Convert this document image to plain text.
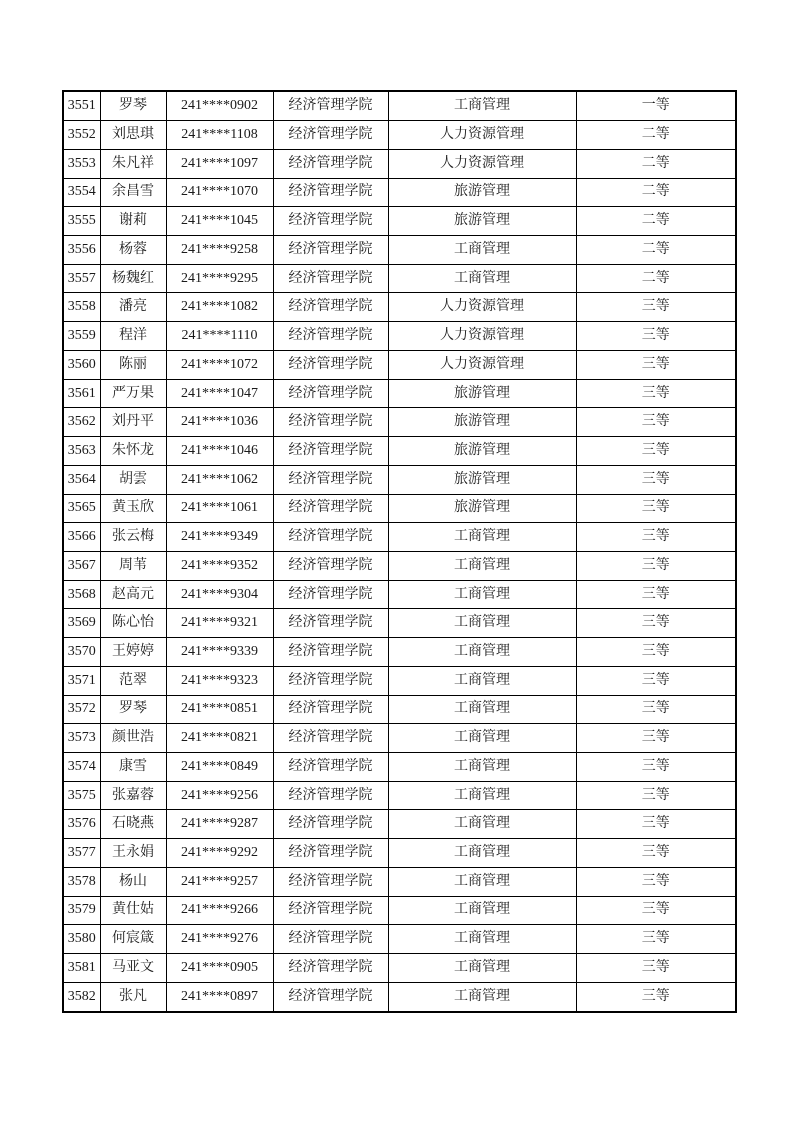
3551	罗琴	241****0902	经济管理学院	工商管理	一等
3552	刘思琪	241****1108	经济管理学院	人力资源管理	二等
3553	朱凡祥	241****1097	经济管理学院	人力资源管理	二等
3554	余昌雪	241****1070	经济管理学院	旅游管理	二等
3555	谢莉	241****1045	经济管理学院	旅游管理	二等
3556	杨蓉	241****9258	经济管理学院	工商管理	二等
3557	杨魏红	241****9295	经济管理学院	工商管理	二等
3558	潘亮	241****1082	经济管理学院	人力资源管理	三等
3559	程洋	241****1110	经济管理学院	人力资源管理	三等
3560	陈丽	241****1072	经济管理学院	人力资源管理	三等
3561	严万果	241****1047	经济管理学院	旅游管理	三等
3562	刘丹平	241****1036	经济管理学院	旅游管理	三等
3563	朱怀龙	241****1046	经济管理学院	旅游管理	三等
3564	胡雲	241****1062	经济管理学院	旅游管理	三等
3565	黄玉欣	241****1061	经济管理学院	旅游管理	三等
3566	张云梅	241****9349	经济管理学院	工商管理	三等
3567	周苇	241****9352	经济管理学院	工商管理	三等
3568	赵高元	241****9304	经济管理学院	工商管理	三等
3569	陈心怡	241****9321	经济管理学院	工商管理	三等
3570	王婷婷	241****9339	经济管理学院	工商管理	三等
3571	范翠	241****9323	经济管理学院	工商管理	三等
3572	罗琴	241****0851	经济管理学院	工商管理	三等
3573	颜世浩	241****0821	经济管理学院	工商管理	三等
3574	康雪	241****0849	经济管理学院	工商管理	三等
3575	张嘉蓉	241****9256	经济管理学院	工商管理	三等
3576	石晓燕	241****9287	经济管理学院	工商管理	三等
3577	王永娟	241****9292	经济管理学院	工商管理	三等
3578	杨山	241****9257	经济管理学院	工商管理	三等
3579	黄仕姑	241****9266	经济管理学院	工商管理	三等
3580	何宸箴	241****9276	经济管理学院	工商管理	三等
3581	马亚文	241****0905	经济管理学院	工商管理	三等
3582	张凡	241****0897	经济管理学院	工商管理	三等
